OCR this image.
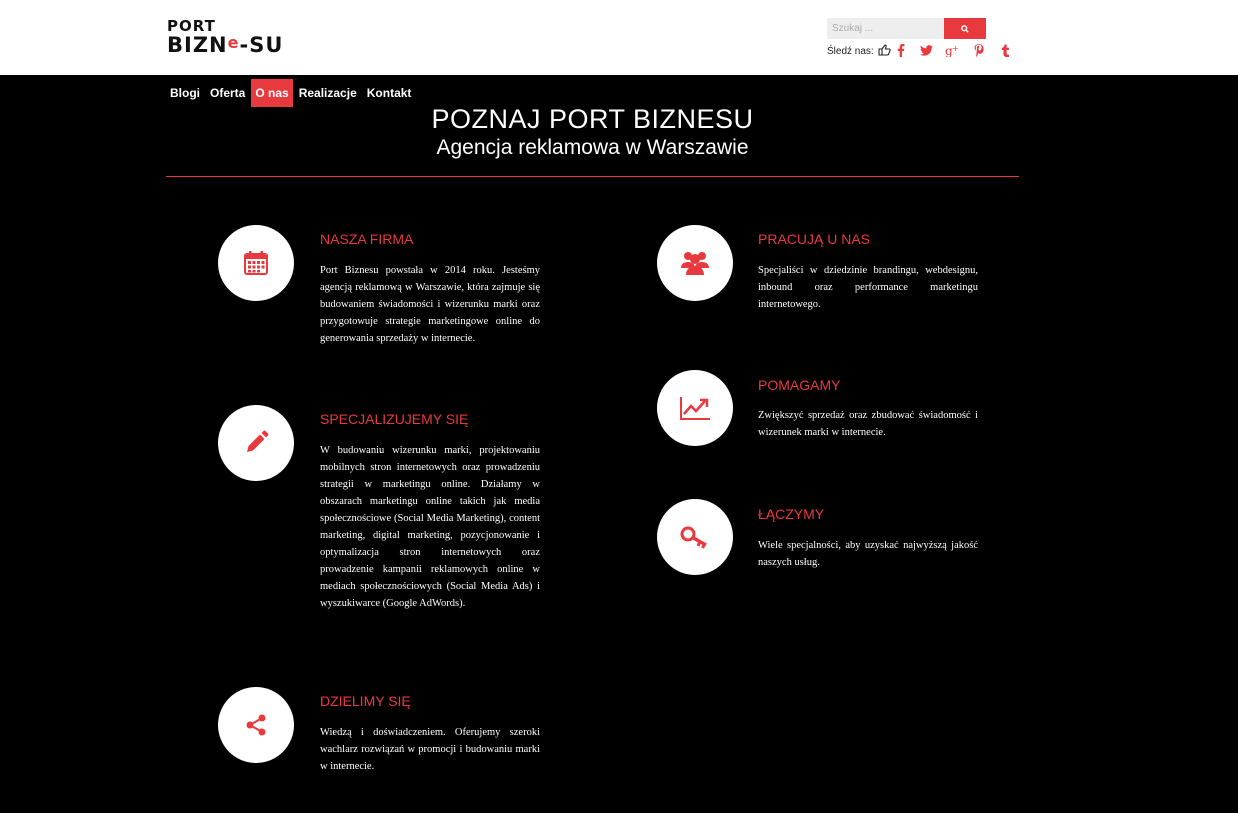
PORT
BIZNe-SU
Szukaj ...	Śledź nas:	g +
Blogi Oferta O nas Realizacje Kontakt
POZNAJ PORT BIZNESU
Agencja reklamowa w Warszawie
NASZA FIRMA
Port Biznesu powstała w 2014 roku. Jesteśmy agencją reklamową w Warszawie, która zajmuje się budowaniem świadomości i wizerunku marki oraz przygotowuje strategie marketingowe online do generowania sprzedaży w internecie.
PRACUJĄ U NAS
Specjaliści w dziedzinie brandingu, webdesignu, inbound oraz performance marketingu internetowego.
POMAGAMY
Zwiększyć sprzedaż oraz zbudować świadomość i wizerunek marki w internecie.
SPECJALIZUJEMY SIĘ
W budowaniu wizerunku marki, projektowaniu mobilnych stron internetowych oraz prowadzeniu strategii w marketingu online. Działamy w obszarach marketingu online takich jak media społecznościowe (Social Media Marketing), content marketing, digital marketing, pozycjonowanie i optymalizacja stron internetowych oraz prowadzenie kampanii reklamowych online w mediach społecznościowych (Social Media Ads) i wyszukiwarce (Google AdWords).
ŁĄCZYMY
Wiele specjalności, aby uzyskać najwyższą jakość naszych usług.
DZIELIMY SIĘ
Wiedzą i doświadczeniem. Oferujemy szeroki wachlarz rozwiązań w promocji i budowaniu marki w internecie.
